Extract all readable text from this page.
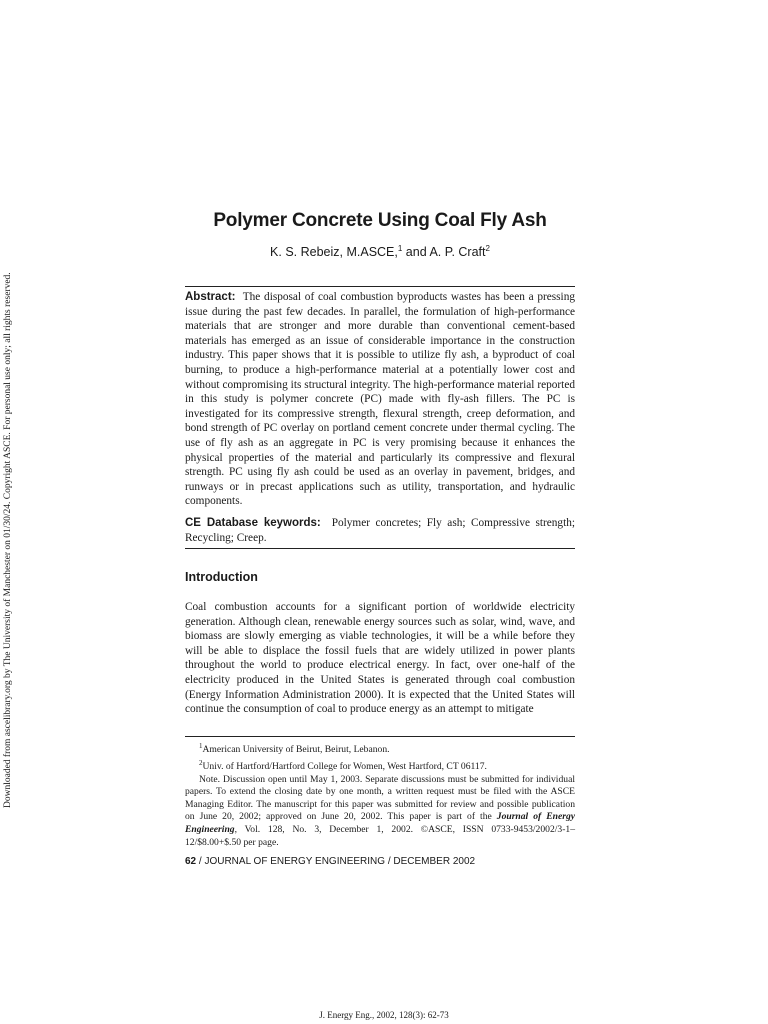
Downloaded from ascelibrary.org by The University of Manchester on 01/30/24. Copyright ASCE. For personal use only; all rights reserved.
Polymer Concrete Using Coal Fly Ash
K. S. Rebeiz, M.ASCE,$^1$ and A. P. Craft$^2$
Abstract: The disposal of coal combustion byproducts wastes has been a pressing issue during the past few decades. In parallel, the formulation of high-performance materials that are stronger and more durable than conventional cement-based materials has emerged as an issue of considerable importance in the construction industry. This paper shows that it is possible to utilize fly ash, a byproduct of coal burning, to produce a high-performance material at a potentially lower cost and without compromising its structural integrity. The high-performance material reported in this study is polymer concrete (PC) made with fly-ash fillers. The PC is investigated for its compressive strength, flexural strength, creep deformation, and bond strength of PC overlay on portland cement concrete under thermal cycling. The use of fly ash as an aggregate in PC is very promising because it enhances the physical properties of the material and particularly its compressive and flexural strength. PC using fly ash could be used as an overlay in pavement, bridges, and runways or in precast applications such as utility, transportation, and hydraulic components.
CE Database keywords: Polymer concretes; Fly ash; Compressive strength; Recycling; Creep.
Introduction
Coal combustion accounts for a significant portion of worldwide electricity generation. Although clean, renewable energy sources such as solar, wind, wave, and biomass are slowly emerging as viable technologies, it will be a while before they will be able to displace the fossil fuels that are widely utilized in power plants throughout the world to produce electrical energy. In fact, over one-half of the electricity produced in the United States is generated through coal combustion (Energy Information Administration 2000). It is expected that the United States will continue the consumption of coal to produce energy as an attempt to mitigate

$^1$American University of Beirut, Beirut, Lebanon.

$^2$Univ. of Hartford/Hartford College for Women, West Hartford, CT 06117.

Note. Discussion open until May 1, 2003. Separate discussions must be submitted for individual papers. To extend the closing date by one month, a written request must be filed with the ASCE Managing Editor. The manuscript for this paper was submitted for review and possible publication on June 20, 2002; approved on June 20, 2002. This paper is part of the Journal of Energy Engineering, Vol. 128, No. 3, December 1, 2002. ©ASCE, ISSN 0733-9453/2002/3-1–12/$8.00+$.50 per page.

62 / JOURNAL OF ENERGY ENGINEERING / DECEMBER 2002
J. Energy Eng., 2002, 128(3): 62-73
